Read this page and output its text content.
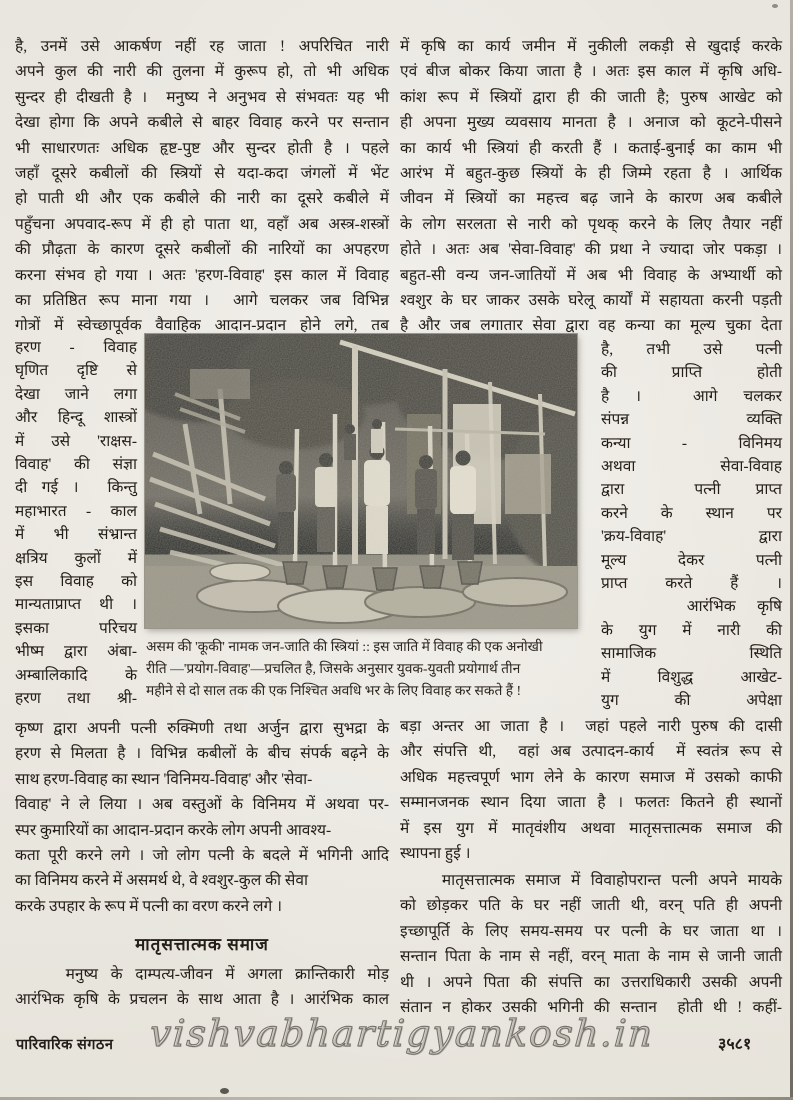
है, उनमें उसे आकर्षण नहीं रह जाता ! अपरिचित नारी
अपने कुल की नारी की तुलना में कुरूप हो, तो भी अधिक
सुन्दर ही दीखती है ।  मनुष्य ने अनुभव से संभवतः यह भी
देखा होगा कि अपने कबीले से बाहर विवाह करने पर सन्तान
भी साधारणतः अधिक हृष्ट-पुष्ट और सुन्दर होती है । पहले
जहाँ दूसरे कबीलों की स्त्रियों से यदा-कदा जंगलों में भेंट
हो पाती थी और एक कबीले की नारी का दूसरे कबीले में
पहुँचना अपवाद-रूप में ही हो पाता था, वहाँ अब अस्त्र-शस्त्रों
की प्रौढ़ता के कारण दूसरे कबीलों की नारियों का अपहरण
करना संभव हो गया । अतः 'हरण-विवाह' इस काल में विवाह
का प्रतिष्ठित रूप माना गया ।  आगे चलकर जब विभिन्न
गोत्रों में स्वेच्छापूर्वक वैवाहिक आदान-प्रदान होने लगे, तब
हरण - विवाह
घृणित दृष्टि से
देखा जाने लगा
और हिन्दू शास्त्रों
में उसे 'राक्षस-
विवाह' की संज्ञा
दी गई ।  किन्तु
महाभारत - काल
में भी संभ्रान्त
क्षत्रिय कुलों में
इस विवाह को
मान्यताप्राप्त थी ।
इसका परिचय
भीष्म द्वारा अंबा-
अम्बालिकादि के
हरण तथा श्री-
कृष्ण द्वारा अपनी पत्नी रुक्मिणी तथा अर्जुन द्वारा सुभद्रा के
हरण से मिलता है । विभिन्न कबीलों के बीच संपर्क बढ़ने के
साथ हरण-विवाह का स्थान 'विनिमय-विवाह' और 'सेवा-
विवाह' ने ले लिया । अब वस्तुओं के विनिमय में अथवा पर-
स्पर कुमारियों का आदान-प्रदान करके लोग अपनी आवश्य-
कता पूरी करने लगे । जो लोग पत्नी के बदले में भगिनी आदि
का विनिमय करने में असमर्थ थे, वे श्वशुर-कुल की सेवा
करके उपहार के रूप में पत्नी का वरण करने लगे ।
मातृसत्तात्मक समाज
मनुष्य के दाम्पत्य-जीवन में अगला क्रान्तिकारी मोड़
आरंभिक कृषि के प्रचलन के साथ आता है । आरंभिक काल
में कृषि का कार्य जमीन में नुकीली लकड़ी से खुदाई करके
एवं बीज बोकर किया जाता है । अतः इस काल में कृषि अधि-
कांश रूप में स्त्रियों द्वारा ही की जाती है; पुरुष आखेट को
ही अपना मुख्य व्यवसाय मानता है । अनाज को कूटने-पीसने
का कार्य भी स्त्रियां ही करती हैं । कताई-बुनाई का काम भी
आरंभ में बहुत-कुछ स्त्रियों के ही जिम्मे रहता है । आर्थिक
जीवन में स्त्रियों का महत्त्व बढ़ जाने के कारण अब कबीले
के लोग सरलता से नारी को पृथक् करने के लिए तैयार नहीं
होते । अतः अब 'सेवा-विवाह' की प्रथा ने ज्यादा जोर पकड़ा ।
बहुत-सी वन्य जन-जातियों में अब भी विवाह के अभ्यार्थी को
श्वशुर के घर जाकर उसके घरेलू कार्यों में सहायता करनी पड़ती
है और जब लगातार सेवा द्वारा वह कन्या का मूल्य चुका देता
है, तभी उसे पत्नी
की प्राप्ति होती
है ।  आगे चलकर
संपन्न      व्यक्ति
कन्या - विनिमय
अथवा सेवा-विवाह
द्वारा  पत्नी प्राप्त
करने के स्थान पर
'क्रय-विवाह' द्वारा
मूल्य देकर पत्नी
प्राप्त करते हैं ।
आरंभिक कृषि
के युग में नारी की
सामाजिक स्थिति
में विशुद्ध आखेट-
युग की अपेक्षा
बड़ा अन्तर आ जाता है ।  जहां पहले नारी पुरुष की दासी
और संपत्ति थी,  वहां अब उत्पादन-कार्य  में स्वतंत्र रूप से
अधिक महत्त्वपूर्ण भाग लेने के कारण समाज में उसको काफी
सम्मानजनक स्थान दिया जाता है । फलतः कितने ही स्थानों
में इस युग में मातृवंशीय अथवा मातृसत्तात्मक समाज की
स्थापना हुई ।
मातृसत्तात्मक समाज में विवाहोपरान्त पत्नी अपने मायके
को छोड़कर पति के घर नहीं जाती थी, वरन् पति ही अपनी
इच्छापूर्ति के लिए समय-समय पर पत्नी के घर जाता था ।
सन्तान पिता के नाम से नहीं, वरन् माता के नाम से जानी जाती
थी । अपने पिता की संपत्ति का उत्तराधिकारी उसकी अपनी
संतान न होकर उसकी भगिनी की सन्तान  होती थी ! कहीं-
असम की 'कूकी' नामक जन-जाति की स्त्रियां :: इस जाति में विवाह की एक अनोखी
रीति —'प्रयोग-विवाह'—प्रचलित है, जिसके अनुसार युवक-युवती प्रयोगार्थ तीन
महीने से दो साल तक की एक निश्चित अवधि भर के लिए विवाह कर सकते हैं !
पारिवारिक संगठन vishvabhartigyankosh.in	३५८१
